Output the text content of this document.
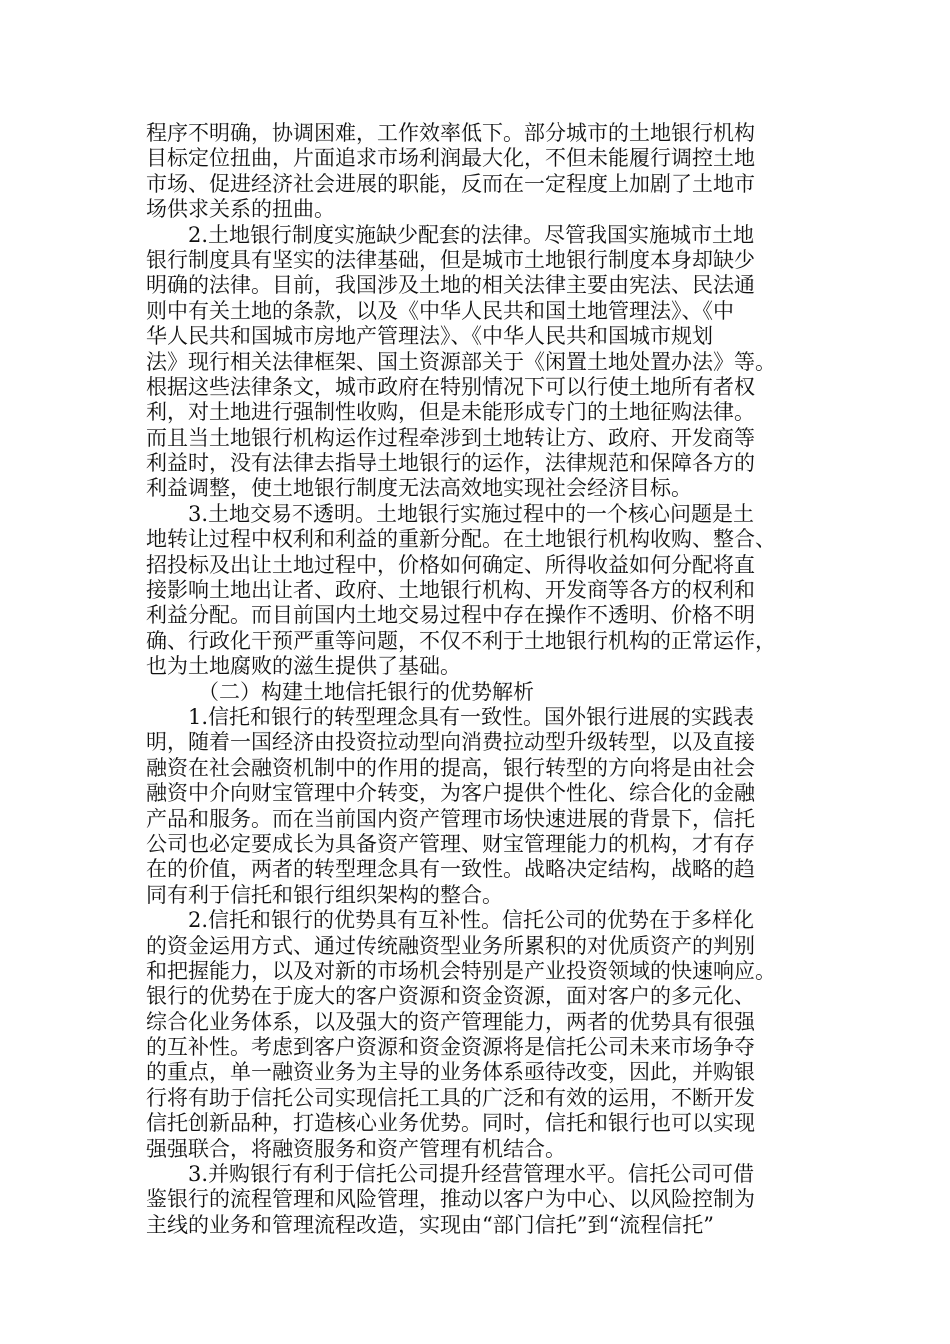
程序不明确，协调困难，工作效率低下。部分城市的土地银行机构
目标定位扭曲，片面追求市场利润最大化，不但未能履行调控土地
市场、促进经济社会进展的职能，反而在一定程度上加剧了土地市
场供求关系的扭曲。
2.土地银行制度实施缺少配套的法律。尽管我国实施城市土地
银行制度具有坚实的法律基础，但是城市土地银行制度本身却缺少
明确的法律。目前，我国涉及土地的相关法律主要由宪法、民法通
则中有关土地的条款，以及《中华人民共和国土地管理法》、《中
华人民共和国城市房地产管理法》、《中华人民共和国城市规划
法》现行相关法律框架、国土资源部关于《闲置土地处置办法》等。
根据这些法律条文，城市政府在特别情况下可以行使土地所有者权
利，对土地进行强制性收购，但是未能形成专门的土地征购法律。
而且当土地银行机构运作过程牵涉到土地转让方、政府、开发商等
利益时，没有法律去指导土地银行的运作，法律规范和保障各方的
利益调整，使土地银行制度无法高效地实现社会经济目标。
3.土地交易不透明。土地银行实施过程中的一个核心问题是土
地转让过程中权利和利益的重新分配。在土地银行机构收购、整合、
招投标及出让土地过程中，价格如何确定、所得收益如何分配将直
接影响土地出让者、政府、土地银行机构、开发商等各方的权利和
利益分配。而目前国内土地交易过程中存在操作不透明、价格不明
确、行政化干预严重等问题，不仅不利于土地银行机构的正常运作，
也为土地腐败的滋生提供了基础。
（二）构建土地信托银行的优势解析
1.信托和银行的转型理念具有一致性。国外银行进展的实践表
明，随着一国经济由投资拉动型向消费拉动型升级转型，以及直接
融资在社会融资机制中的作用的提高，银行转型的方向将是由社会
融资中介向财宝管理中介转变，为客户提供个性化、综合化的金融
产品和服务。而在当前国内资产管理市场快速进展的背景下，信托
公司也必定要成长为具备资产管理、财宝管理能力的机构，才有存
在的价值，两者的转型理念具有一致性。战略决定结构，战略的趋
同有利于信托和银行组织架构的整合。
2.信托和银行的优势具有互补性。信托公司的优势在于多样化
的资金运用方式、通过传统融资型业务所累积的对优质资产的判别
和把握能力，以及对新的市场机会特别是产业投资领域的快速响应。
银行的优势在于庞大的客户资源和资金资源，面对客户的多元化、
综合化业务体系，以及强大的资产管理能力，两者的优势具有很强
的互补性。考虑到客户资源和资金资源将是信托公司未来市场争夺
的重点，单一融资业务为主导的业务体系亟待改变，因此，并购银
行将有助于信托公司实现信托工具的广泛和有效的运用，不断开发
信托创新品种，打造核心业务优势。同时，信托和银行也可以实现
强强联合，将融资服务和资产管理有机结合。
3.并购银行有利于信托公司提升经营管理水平。信托公司可借
鉴银行的流程管理和风险管理，推动以客户为中心、以风险控制为
主线的业务和管理流程改造，实现由“部门信托”到“流程信托”
